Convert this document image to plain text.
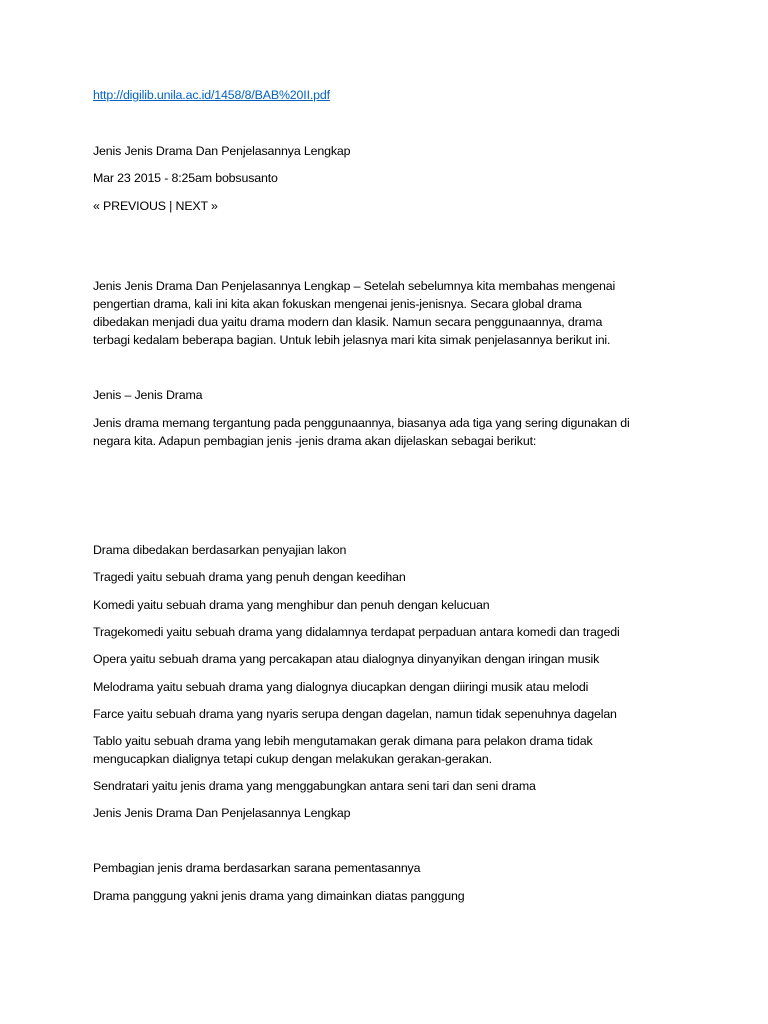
http://digilib.unila.ac.id/1458/8/BAB%20II.pdf
Jenis Jenis Drama Dan Penjelasannya Lengkap
Mar 23 2015 - 8:25am bobsusanto
« PREVIOUS | NEXT »
Jenis Jenis Drama Dan Penjelasannya Lengkap – Setelah sebelumnya kita membahas mengenai
pengertian drama, kali ini kita akan fokuskan mengenai jenis-jenisnya. Secara global drama
dibedakan menjadi dua yaitu drama modern dan klasik. Namun secara penggunaannya, drama
terbagi kedalam beberapa bagian. Untuk lebih jelasnya mari kita simak penjelasannya berikut ini.
Jenis – Jenis Drama
Jenis drama memang tergantung pada penggunaannya, biasanya ada tiga yang sering digunakan di
negara kita. Adapun pembagian jenis -jenis drama akan dijelaskan sebagai berikut:
Drama dibedakan berdasarkan penyajian lakon
Tragedi yaitu sebuah drama yang penuh dengan keedihan
Komedi yaitu sebuah drama yang menghibur dan penuh dengan kelucuan
Tragekomedi yaitu sebuah drama yang didalamnya terdapat perpaduan antara komedi dan tragedi
Opera yaitu sebuah drama yang percakapan atau dialognya dinyanyikan dengan iringan musik
Melodrama yaitu sebuah drama yang dialognya diucapkan dengan diiringi musik atau melodi
Farce yaitu sebuah drama yang nyaris serupa dengan dagelan, namun tidak sepenuhnya dagelan
Tablo yaitu sebuah drama yang lebih mengutamakan gerak dimana para pelakon drama tidak
mengucapkan dialignya tetapi cukup dengan melakukan gerakan-gerakan.
Sendratari yaitu jenis drama yang menggabungkan antara seni tari dan seni drama
Jenis Jenis Drama Dan Penjelasannya Lengkap
Pembagian jenis drama berdasarkan sarana pementasannya
Drama panggung yakni jenis drama yang dimainkan diatas panggung
